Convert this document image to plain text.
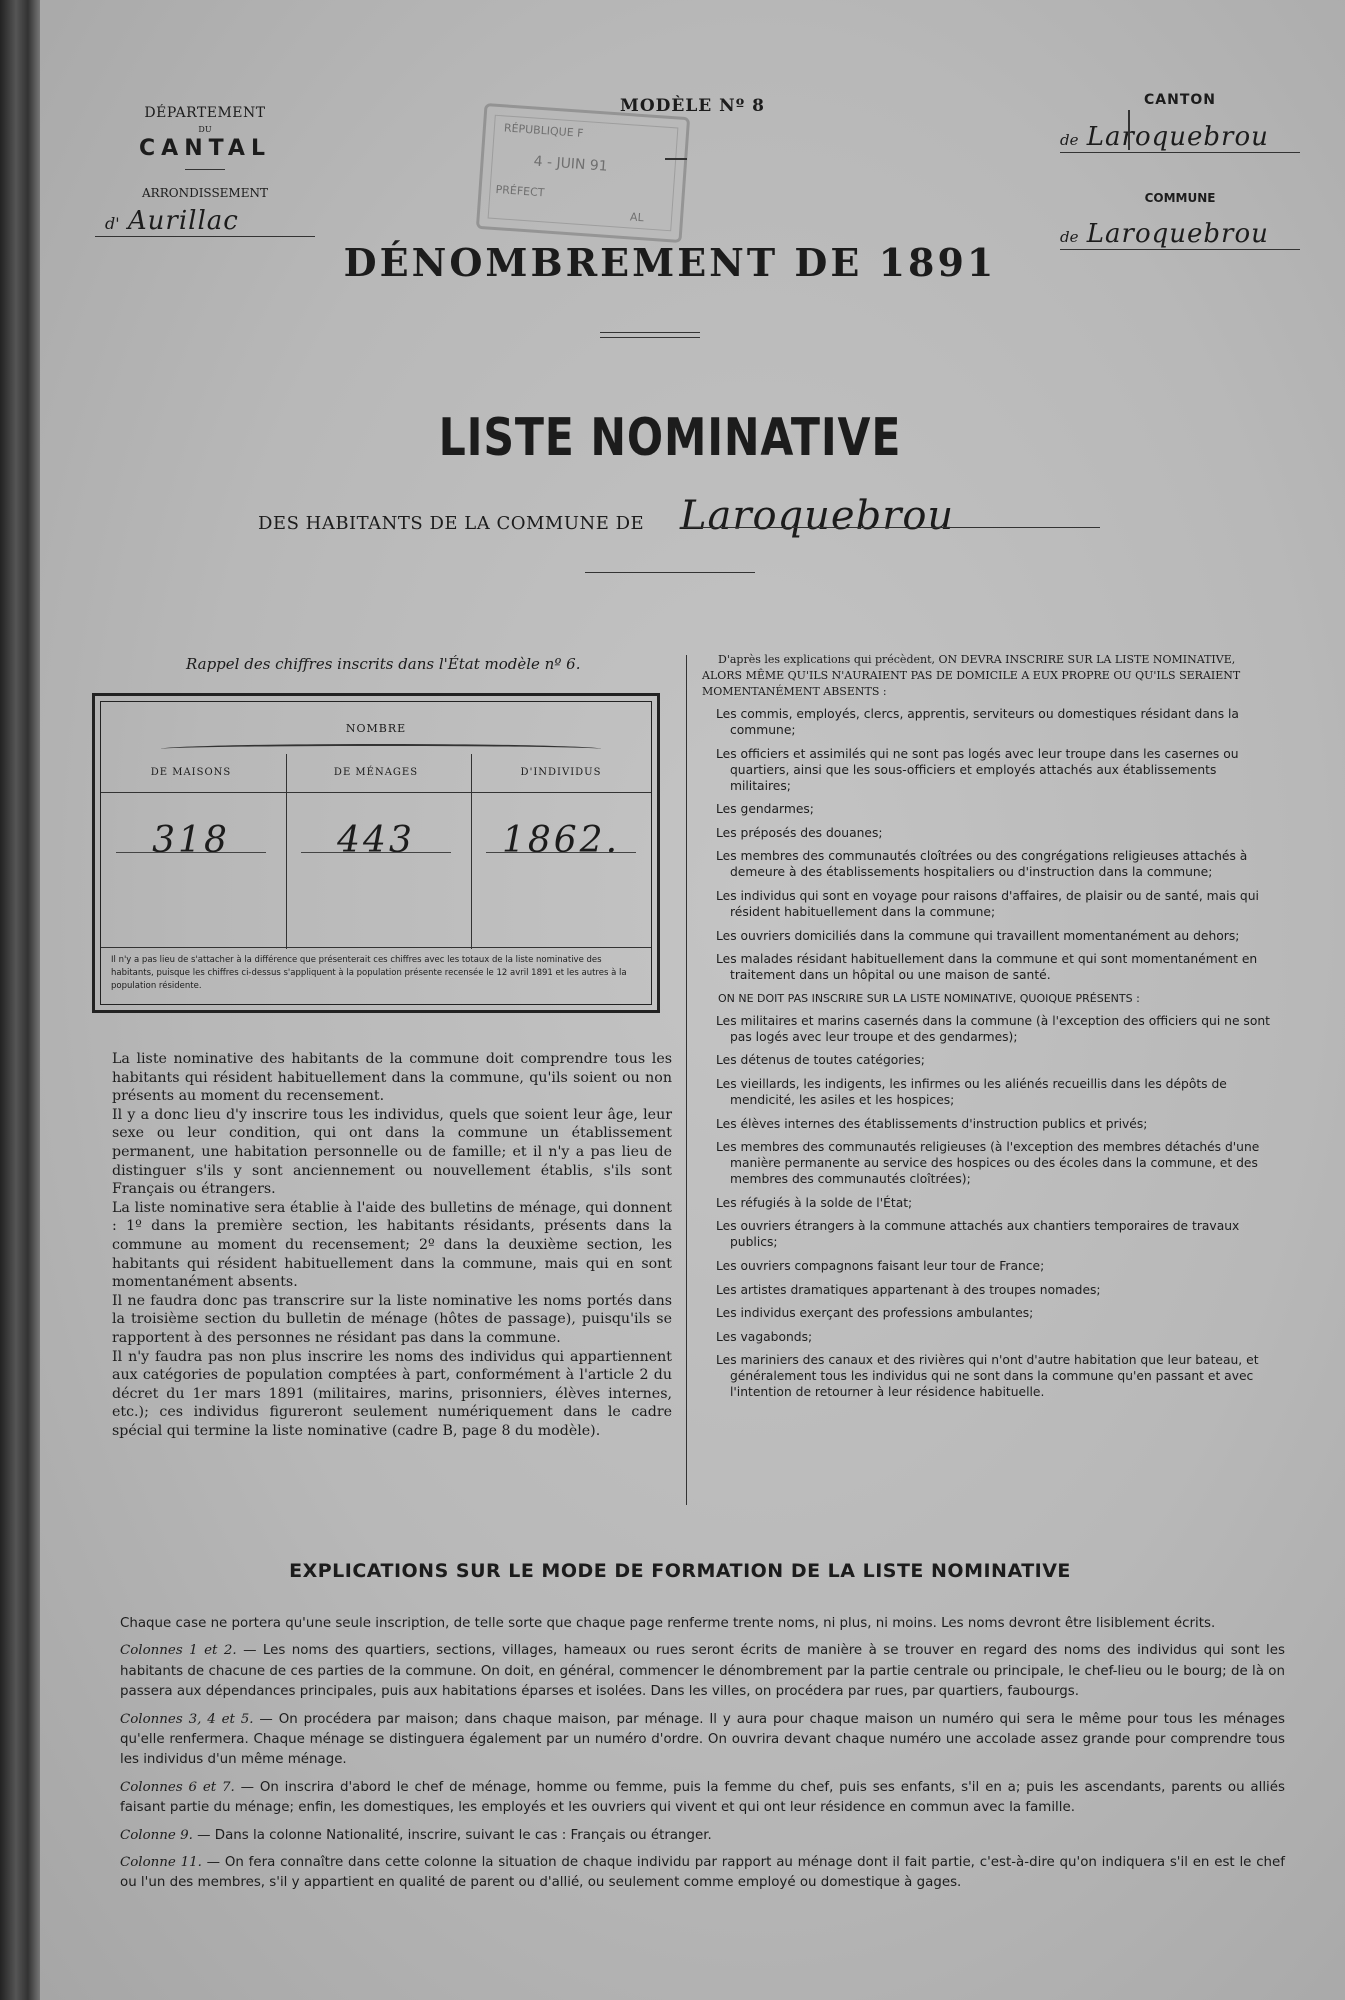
DÉPARTEMENT
DU
CANTAL
ARRONDISSEMENT
d' Aurillac
MODÈLE Nº 8
RÉPUBLIQUE F
4 - JUIN 91
PRÉFECT
AL
CANTON
de Laroquebrou
COMMUNE
de Laroquebrou
DÉNOMBREMENT DE 1891
LISTE NOMINATIVE
DES HABITANTS DE LA COMMUNE DE Laroquebrou
Rappel des chiffres inscrits dans l'État modèle nº 6.
NOMBRE
DE MAISONS	DE MÉNAGES	D'INDIVIDUS
318	443	1862.
Il n'y a pas lieu de s'attacher à la différence que présenterait ces chiffres avec les totaux de la liste nominative des habitants, puisque les chiffres ci-dessus s'appliquent à la population présente recensée le 12 avril 1891 et les autres à la population résidente.

La liste nominative des habitants de la commune doit comprendre tous les habitants qui résident habituellement dans la commune, qu'ils soient ou non présents au moment du recensement.

Il y a donc lieu d'y inscrire tous les individus, quels que soient leur âge, leur sexe ou leur condition, qui ont dans la commune un établissement permanent, une habitation personnelle ou de famille; et il n'y a pas lieu de distinguer s'ils y sont anciennement ou nouvellement établis, s'ils sont Français ou étrangers.

La liste nominative sera établie à l'aide des bulletins de ménage, qui donnent : 1º dans la première section, les habitants résidants, présents dans la commune au moment du recensement; 2º dans la deuxième section, les habitants qui résident habituellement dans la commune, mais qui en sont momentanément absents.

Il ne faudra donc pas transcrire sur la liste nominative les noms portés dans la troisième section du bulletin de ménage (hôtes de passage), puisqu'ils se rapportent à des personnes ne résidant pas dans la commune.

Il n'y faudra pas non plus inscrire les noms des individus qui appartiennent aux catégories de population comptées à part, conformément à l'article 2 du décret du 1er mars 1891 (militaires, marins, prisonniers, élèves internes, etc.); ces individus figureront seulement numériquement dans le cadre spécial qui termine la liste nominative (cadre B, page 8 du modèle).

D'après les explications qui précèdent, ON DEVRA INSCRIRE SUR LA LISTE NOMINATIVE, ALORS MÊME QU'ILS N'AURAIENT PAS DE DOMICILE A EUX PROPRE OU QU'ILS SERAIENT MOMENTANÉMENT ABSENTS :

Les commis, employés, clercs, apprentis, serviteurs ou domestiques résidant dans la commune;

Les officiers et assimilés qui ne sont pas logés avec leur troupe dans les casernes ou quartiers, ainsi que les sous-officiers et employés attachés aux établissements militaires;

Les gendarmes;

Les préposés des douanes;

Les membres des communautés cloîtrées ou des congrégations religieuses attachés à demeure à des établissements hospitaliers ou d'instruction dans la commune;

Les individus qui sont en voyage pour raisons d'affaires, de plaisir ou de santé, mais qui résident habituellement dans la commune;

Les ouvriers domiciliés dans la commune qui travaillent momentanément au dehors;

Les malades résidant habituellement dans la commune et qui sont momentanément en traitement dans un hôpital ou une maison de santé.

ON NE DOIT PAS INSCRIRE SUR LA LISTE NOMINATIVE, QUOIQUE PRÉSENTS :

Les militaires et marins casernés dans la commune (à l'exception des officiers qui ne sont pas logés avec leur troupe et des gendarmes);

Les détenus de toutes catégories;

Les vieillards, les indigents, les infirmes ou les aliénés recueillis dans les dépôts de mendicité, les asiles et les hospices;

Les élèves internes des établissements d'instruction publics et privés;

Les membres des communautés religieuses (à l'exception des membres détachés d'une manière permanente au service des hospices ou des écoles dans la commune, et des membres des communautés cloîtrées);

Les réfugiés à la solde de l'État;

Les ouvriers étrangers à la commune attachés aux chantiers temporaires de travaux publics;

Les ouvriers compagnons faisant leur tour de France;

Les artistes dramatiques appartenant à des troupes nomades;

Les individus exerçant des professions ambulantes;

Les vagabonds;

Les mariniers des canaux et des rivières qui n'ont d'autre habitation que leur bateau, et généralement tous les individus qui ne sont dans la commune qu'en passant et avec l'intention de retourner à leur résidence habituelle.

EXPLICATIONS SUR LE MODE DE FORMATION DE LA LISTE NOMINATIVE

Chaque case ne portera qu'une seule inscription, de telle sorte que chaque page renferme trente noms, ni plus, ni moins. Les noms devront être lisiblement écrits.

Colonnes 1 et 2. — Les noms des quartiers, sections, villages, hameaux ou rues seront écrits de manière à se trouver en regard des noms des individus qui sont les habitants de chacune de ces parties de la commune. On doit, en général, commencer le dénombrement par la partie centrale ou principale, le chef-lieu ou le bourg; de là on passera aux dépendances principales, puis aux habitations éparses et isolées. Dans les villes, on procédera par rues, par quartiers, faubourgs.

Colonnes 3, 4 et 5. — On procédera par maison; dans chaque maison, par ménage. Il y aura pour chaque maison un numéro qui sera le même pour tous les ménages qu'elle renfermera. Chaque ménage se distinguera également par un numéro d'ordre. On ouvrira devant chaque numéro une accolade assez grande pour comprendre tous les individus d'un même ménage.

Colonnes 6 et 7. — On inscrira d'abord le chef de ménage, homme ou femme, puis la femme du chef, puis ses enfants, s'il en a; puis les ascendants, parents ou alliés faisant partie du ménage; enfin, les domestiques, les employés et les ouvriers qui vivent et qui ont leur résidence en commun avec la famille.

Colonne 9. — Dans la colonne Nationalité, inscrire, suivant le cas : Français ou étranger.

Colonne 11. — On fera connaître dans cette colonne la situation de chaque individu par rapport au ménage dont il fait partie, c'est-à-dire qu'on indiquera s'il en est le chef ou l'un des membres, s'il y appartient en qualité de parent ou d'allié, ou seulement comme employé ou domestique à gages.
